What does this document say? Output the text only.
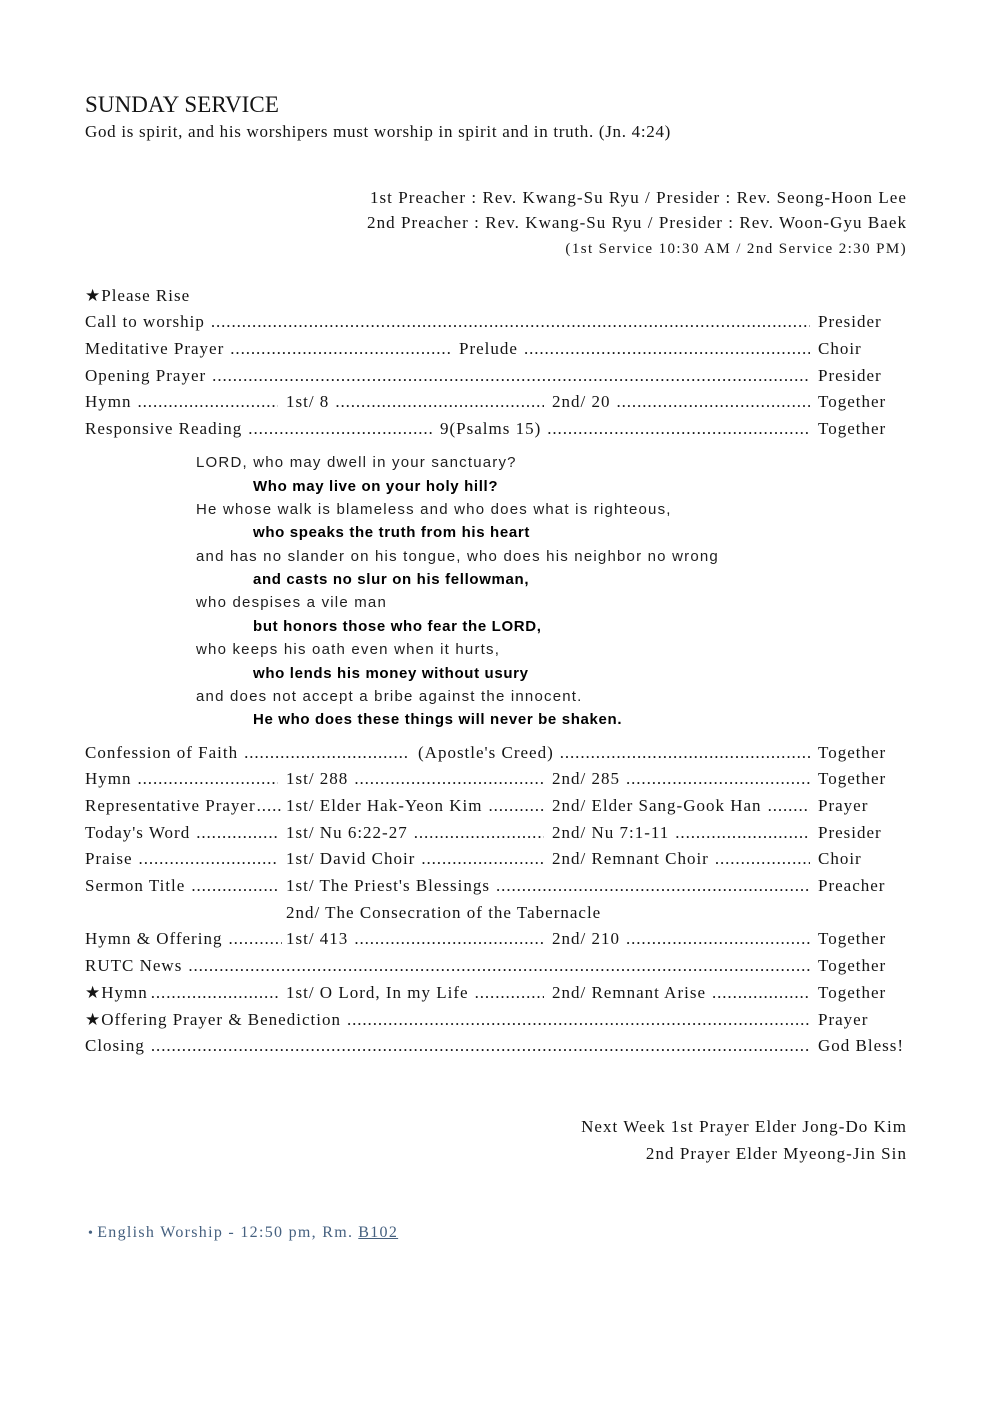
SUNDAY SERVICE
God is spirit, and his worshipers must worship in spirit and in truth. (Jn. 4:24)
1st Preacher : Rev. Kwang-Su Ryu / Presider : Rev. Seong-Hoon Lee
2nd Preacher : Rev. Kwang-Su Ryu / Presider : Rev. Woon-Gyu Baek
(1st Service 10:30 AM / 2nd Service 2:30 PM)
★Please Rise
Call to worship .....	Presider
Meditative Prayer .....	Prelude .....	Choir
Opening Prayer .....	Presider
Hymn .....	1st/ 8 .....	2nd/ 20 .....	Together
Responsive Reading .....	9(Psalms 15) .....	Together
LORD, who may dwell in your sanctuary?
Who may live on your holy hill?
He whose walk is blameless and who does what is righteous,
who speaks the truth from his heart
and has no slander on his tongue, who does his neighbor no wrong
and casts no slur on his fellowman,
who despises a vile man
but honors those who fear the LORD,
who keeps his oath even when it hurts,
who lends his money without usury
and does not accept a bribe against the innocent.
He who does these things will never be shaken.
Confession of Faith .....	(Apostle's Creed) .....	Together
Hymn .....	1st/ 288 .....	2nd/ 285 .....	Together
Representative Prayer ..... 1st/ Elder Hak-Yeon Kim .....	2nd/ Elder Sang-Gook Han .....	Prayer
Today's Word .....	1st/ Nu 6:22-27 .....	2nd/ Nu 7:1-11 .....	Presider
Praise .....	1st/ David Choir .....	2nd/ Remnant Choir .....	Choir
Sermon Title .....	1st/ The Priest's Blessings .....	Preacher
2nd/ The Consecration of the Tabernacle
Hymn & Offering .....	1st/ 413 .....	2nd/ 210 .....	Together
RUTC News .....	Together
★Hymn .....	1st/ O Lord, In my Life .....	2nd/ Remnant Arise .....	Together
★Offering Prayer & Benediction .....	Prayer
Closing .....	God Bless!
Next Week 1st Prayer Elder Jong-Do Kim
2nd Prayer Elder Myeong-Jin Sin
• English Worship - 12:50 pm, Rm. B102
